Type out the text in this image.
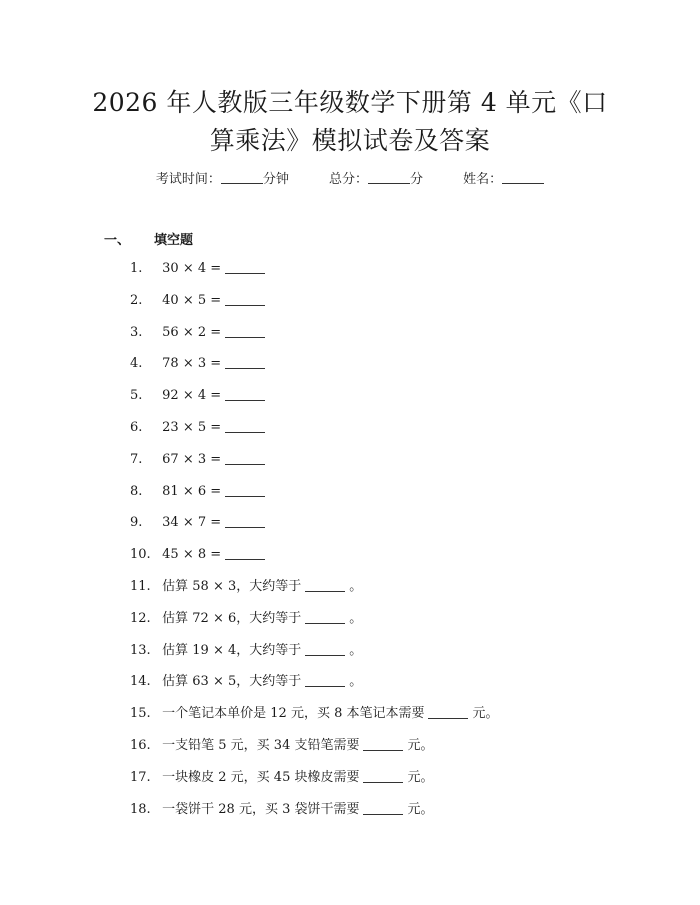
2026 年人教版三年级数学下册第 4 单元《口
算乘法》模拟试卷及答案
考试时间：	分钟	总分：	分	姓名：
一、 填空题
1. 30 × 4 =
2. 40 × 5 =
3. 56 × 2 =
4. 78 × 3 =
5. 92 × 4 =
6. 23 × 5 =
7. 67 × 3 =
8. 81 × 6 =
9. 34 × 7 =
10. 45 × 8 =
11. 估算 58 × 3，大约等于	。
12. 估算 72 × 6，大约等于	。
13. 估算 19 × 4，大约等于	。
14. 估算 63 × 5，大约等于	。
15. 一个笔记本单价是 12 元，买 8 本笔记本需要	元。
16. 一支铅笔 5 元，买 34 支铅笔需要	元。
17. 一块橡皮 2 元，买 45 块橡皮需要	元。
18. 一袋饼干 28 元，买 3 袋饼干需要	元。
